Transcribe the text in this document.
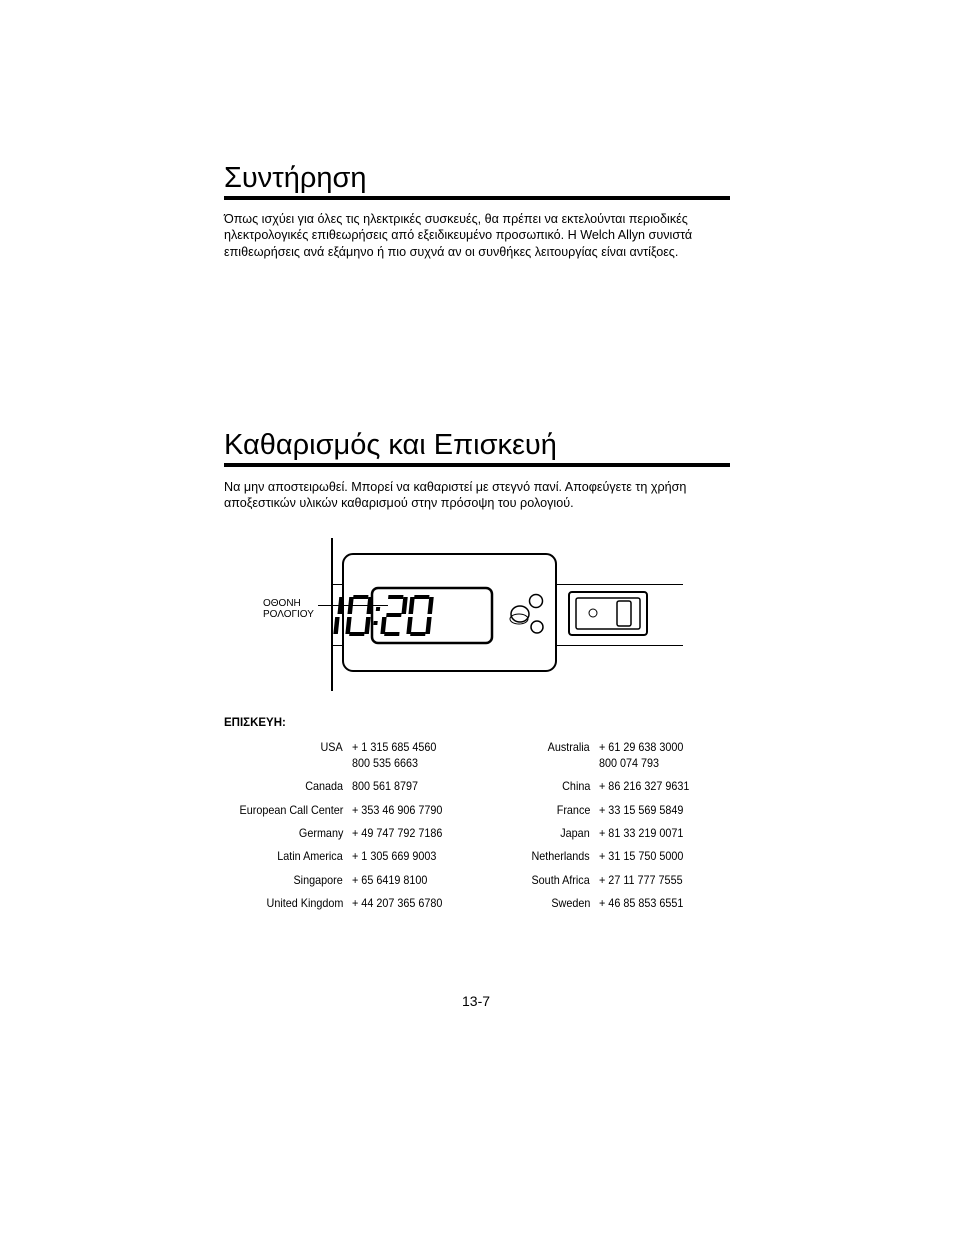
Συντήρηση
Όπως ισχύει για όλες τις ηλεκτρικές συσκευές, θα πρέπει να εκτελούνται περιοδικές
ηλεκτρολογικές επιθεωρήσεις από εξειδικευμένο προσωπικό. Η Welch Allyn συνιστά
επιθεωρήσεις ανά εξάμηνο ή πιο συχνά αν οι συνθήκες λειτουργίας είναι αντίξοες.
Καθαρισμός και Επισκευή
Να μην αποστειρωθεί. Μπορεί να καθαριστεί με στεγνό πανί. Αποφεύγετε τη χρήση
αποξεστικών υλικών καθαρισμού στην πρόσοψη του ρολογιού.
ΟΘΟΝΗ
ΡΟΛΟΓΙΟΥ
ΕΠΙΣΚΕΥΗ:
USA + 1 315 685 4560
800 535 6663
Canada 800 561 8797
European Call Center + 353 46 906 7790
Germany + 49 747 792 7186
Latin America + 1 305 669 9003
Singapore + 65 6419 8100
United Kingdom + 44 207 365 6780
Australia + 61 29 638 3000
800 074 793
China + 86 216 327 9631
France + 33 15 569 5849
Japan + 81 33 219 0071
Netherlands + 31 15 750 5000
South Africa + 27 11 777 7555
Sweden + 46 85 853 6551
13-7
